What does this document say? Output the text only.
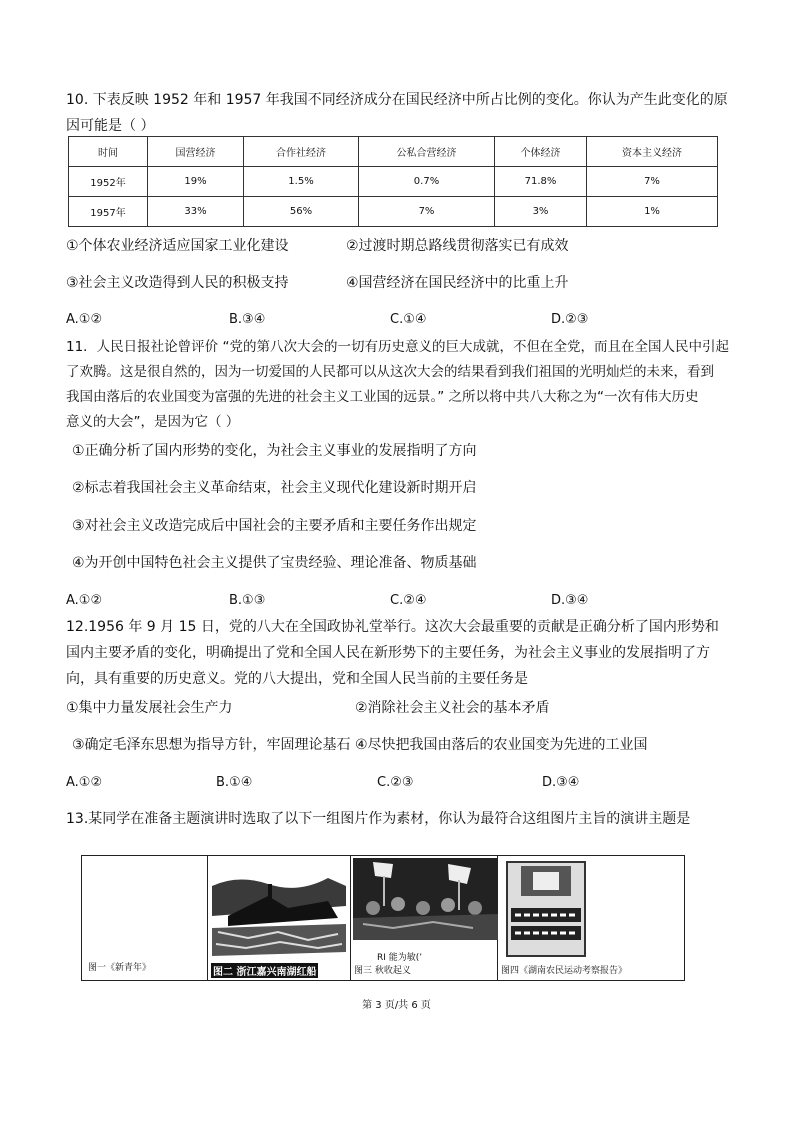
10. 下表反映 1952 年和 1957 年我国不同经济成分在国民经济中所占比例的变化。你认为产生此变化的原
因可能是（ ）
时间	国营经济	合作社经济	公私合营经济	个体经济	资本主义经济
1952年	19%	1.5%	0.7%	71.8%	7%
1957年	33%	56%	7%	3%	1%
①个体农业经济适应国家工业化建设	②过渡时期总路线贯彻落实已有成效
③社会主义改造得到人民的积极支持	④国营经济在国民经济中的比重上升
A.①②	B.③④	C.①④	D.②③
11．人民日报社论曾评价 “党的第八次大会的一切有历史意义的巨大成就，不但在全党，而且在全国人民中引起
了欢腾。这是很自然的，因为一切爱国的人民都可以从这次大会的结果看到我们祖国的光明灿烂的未来，看到
我国由落后的农业国变为富强的先进的社会主义工业国的远景。” 之所以将中共八大称之为“一次有伟大历史
意义的大会”，是因为它（ ）
①正确分析了国内形势的变化，为社会主义事业的发展指明了方向
②标志着我国社会主义革命结束，社会主义现代化建设新时期开启
③对社会主义改造完成后中国社会的主要矛盾和主要任务作出规定
④为开创中国特色社会主义提供了宝贵经验、理论准备、物质基础
A.①②	B.①③	C.②④	D.③④
12.1956 年 9 月 15 日，党的八大在全国政协礼堂举行。这次大会最重要的贡献是正确分析了国内形势和
国内主要矛盾的变化，明确提出了党和全国人民在新形势下的主要任务，为社会主义事业的发展指明了方
向，具有重要的历史意义。党的八大提出，党和全国人民当前的主要任务是
①集中力量发展社会生产力	②消除社会主义社会的基本矛盾
③确定毛泽东思想为指导方针，牢固理论基石 ④尽快把我国由落后的农业国变为先进的工业国
A.①②	B.①④	C.②③	D.③④
13.某同学在准备主题演讲时选取了以下一组图片作为素材，你认为最符合这组图片主旨的演讲主题是
图一《新青年》	图二 浙江嘉兴南湖红船
RI 能为敏(’
图三 秋收起义	图四《湖南农民运动考察报告》
第 3 页/共 6 页
